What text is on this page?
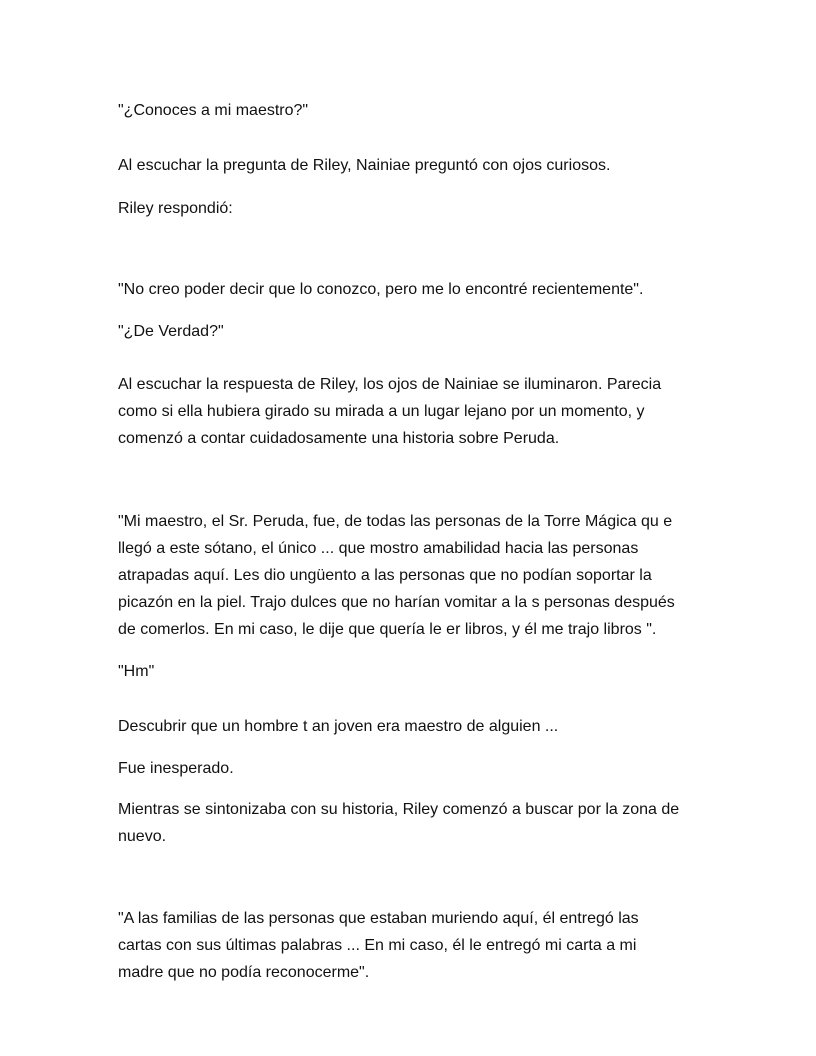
"¿Conoces a mi maestro?"

Al escuchar la pregunta de Riley, Nainiae preguntó con ojos curiosos.

Riley respondió:

"No creo poder decir que lo conozco, pero me lo encontré recientemente".

"¿De Verdad?"

Al escuchar la respuesta de Riley, los ojos de Nainiae se iluminaron. Parecia
como si ella hubiera girado su mirada a un lugar lejano por un momento, y
comenzó a contar cuidadosamente una historia sobre Peruda.

"Mi maestro, el Sr. Peruda, fue, de todas las personas de la Torre Mágica qu e
llegó a este sótano, el único ... que mostro amabilidad hacia las personas
atrapadas aquí. Les dio ungüento a las personas que no podían soportar la
picazón en la piel. Trajo dulces que no harían vomitar a la s personas después
de comerlos. En mi caso, le dije que quería le er libros, y él me trajo libros ".

"Hm"

Descubrir que un hombre t an joven era maestro de alguien ...

Fue inesperado.

Mientras se sintonizaba con su historia, Riley comenzó a buscar por la zona de
nuevo.

"A las familias de las personas que estaban muriendo aquí, él entregó las
cartas con sus últimas palabras ... En mi caso, él le entregó mi carta a mi
madre que no podía reconocerme".
